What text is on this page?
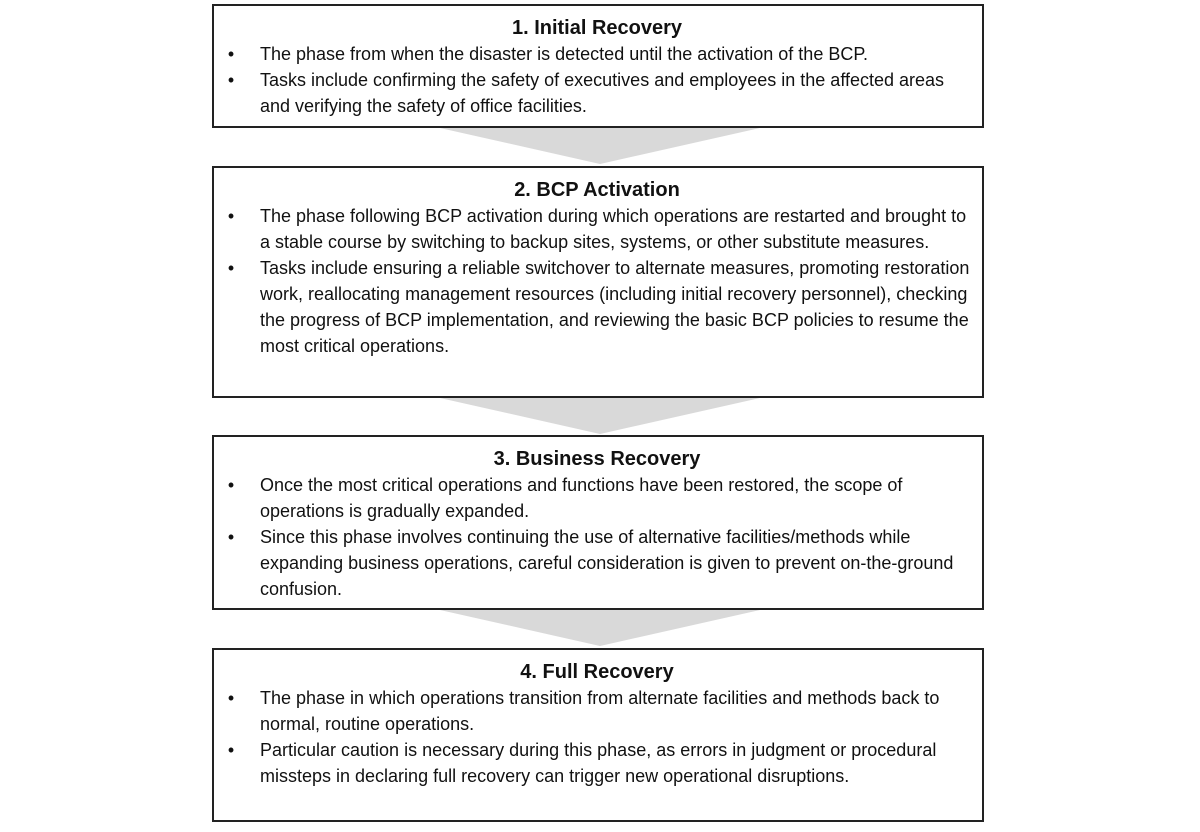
1. Initial Recovery
• The phase from when the disaster is detected until the activation of the BCP.
• Tasks include confirming the safety of executives and employees in the affected areas and verifying the safety of office facilities.
2. BCP Activation
• The phase following BCP activation during which operations are restarted and brought to a stable course by switching to backup sites, systems, or other substitute measures.
• Tasks include ensuring a reliable switchover to alternate measures, promoting restoration work, reallocating management resources (including initial recovery personnel), checking the progress of BCP implementation, and reviewing the basic BCP policies to resume the most critical operations.
3. Business Recovery
• Once the most critical operations and functions have been restored, the scope of operations is gradually expanded.
• Since this phase involves continuing the use of alternative facilities/methods while expanding business operations, careful consideration is given to prevent on-the-ground confusion.
4. Full Recovery
• The phase in which operations transition from alternate facilities and methods back to normal, routine operations.
• Particular caution is necessary during this phase, as errors in judgment or procedural missteps in declaring full recovery can trigger new operational disruptions.
